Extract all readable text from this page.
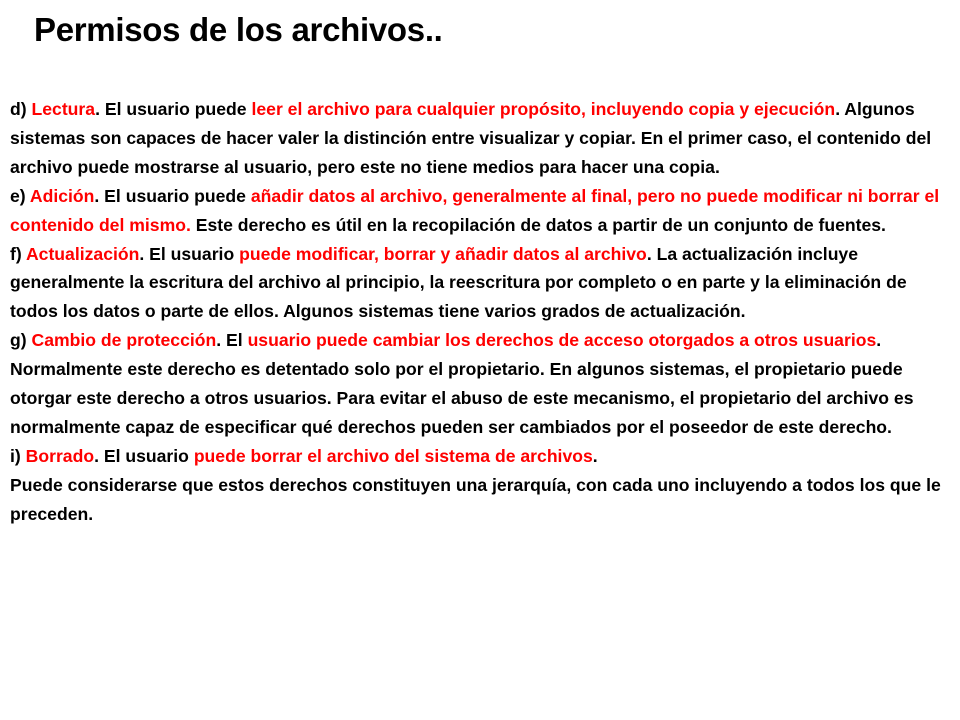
Permisos de los archivos..

d) Lectura. El usuario puede leer el archivo para cualquier propósito, incluyendo copia y ejecución. Algunos sistemas son capaces de hacer valer la distinción entre visualizar y copiar. En el primer caso, el contenido del archivo puede mostrarse al usuario, pero este no tiene medios para hacer una copia.

e) Adición. El usuario puede añadir datos al archivo, generalmente al final, pero no puede modificar ni borrar el contenido del mismo. Este derecho es útil en la recopilación de datos a partir de un conjunto de fuentes.

f) Actualización. El usuario puede modificar, borrar y añadir datos al archivo. La actualización incluye generalmente la escritura del archivo al principio, la reescritura por completo o en parte y la eliminación de todos los datos o parte de ellos. Algunos sistemas tiene varios grados de actualización.

g) Cambio de protección. El usuario puede cambiar los derechos de acceso otorgados a otros usuarios. Normalmente este derecho es detentado solo por el propietario. En algunos sistemas, el propietario puede otorgar este derecho a otros usuarios. Para evitar el abuso de este mecanismo, el propietario del archivo es normalmente capaz de especificar qué derechos pueden ser cambiados por el poseedor de este derecho.

i) Borrado. El usuario puede borrar el archivo del sistema de archivos.

Puede considerarse que estos derechos constituyen una jerarquía, con cada uno incluyendo a todos los que le preceden.
